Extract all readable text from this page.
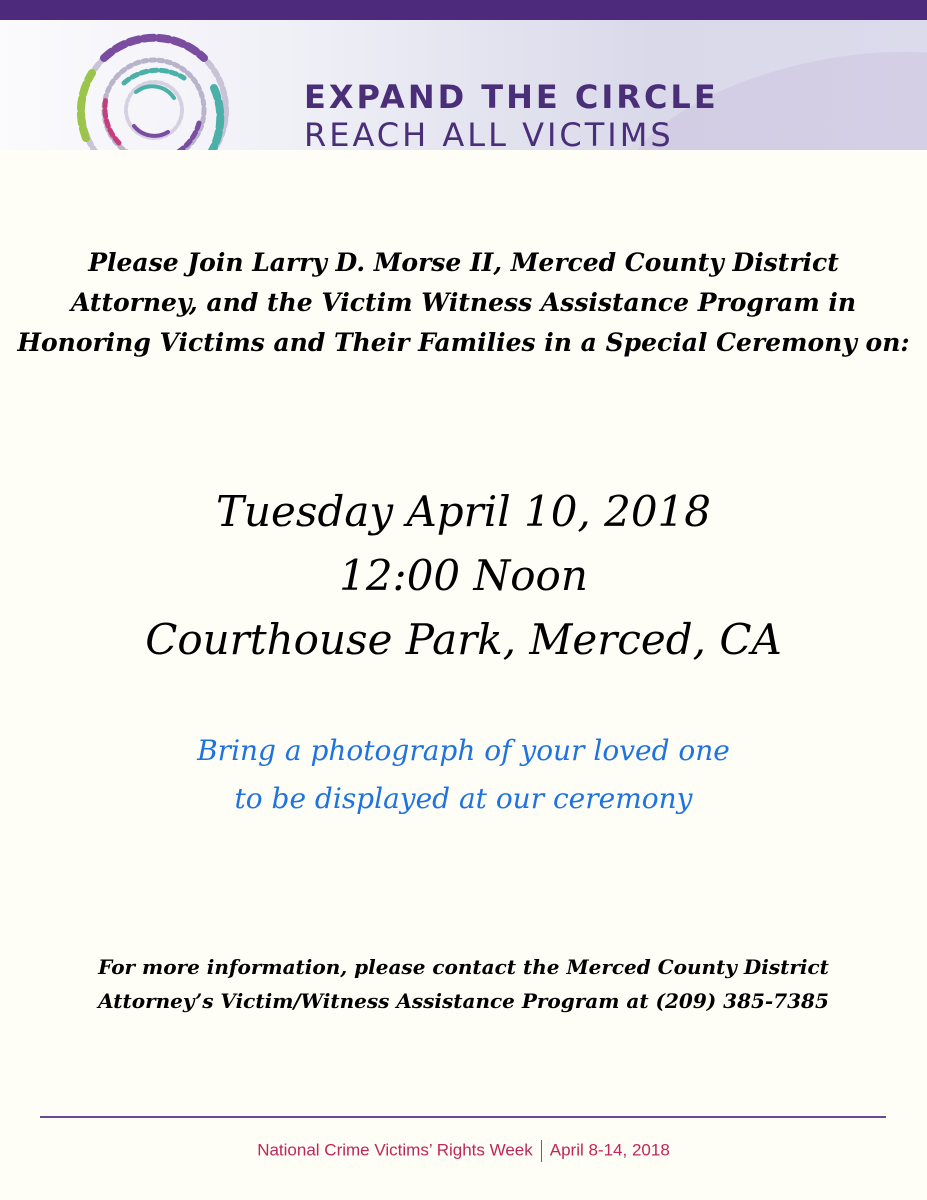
EXPAND THE CIRCLE
REACH ALL VICTIMS
Please Join Larry D. Morse II, Merced County District
Attorney, and the Victim Witness Assistance Program in
Honoring Victims and Their Families in a Special Ceremony on:
Tuesday April 10, 2018
12:00 Noon
Courthouse Park, Merced, CA
Bring a photograph of your loved one
to be displayed at our ceremony
For more information, please contact the Merced County District
Attorney’s Victim/Witness Assistance Program at (209) 385-7385
National Crime Victims’ Rights Week April 8-14, 2018
